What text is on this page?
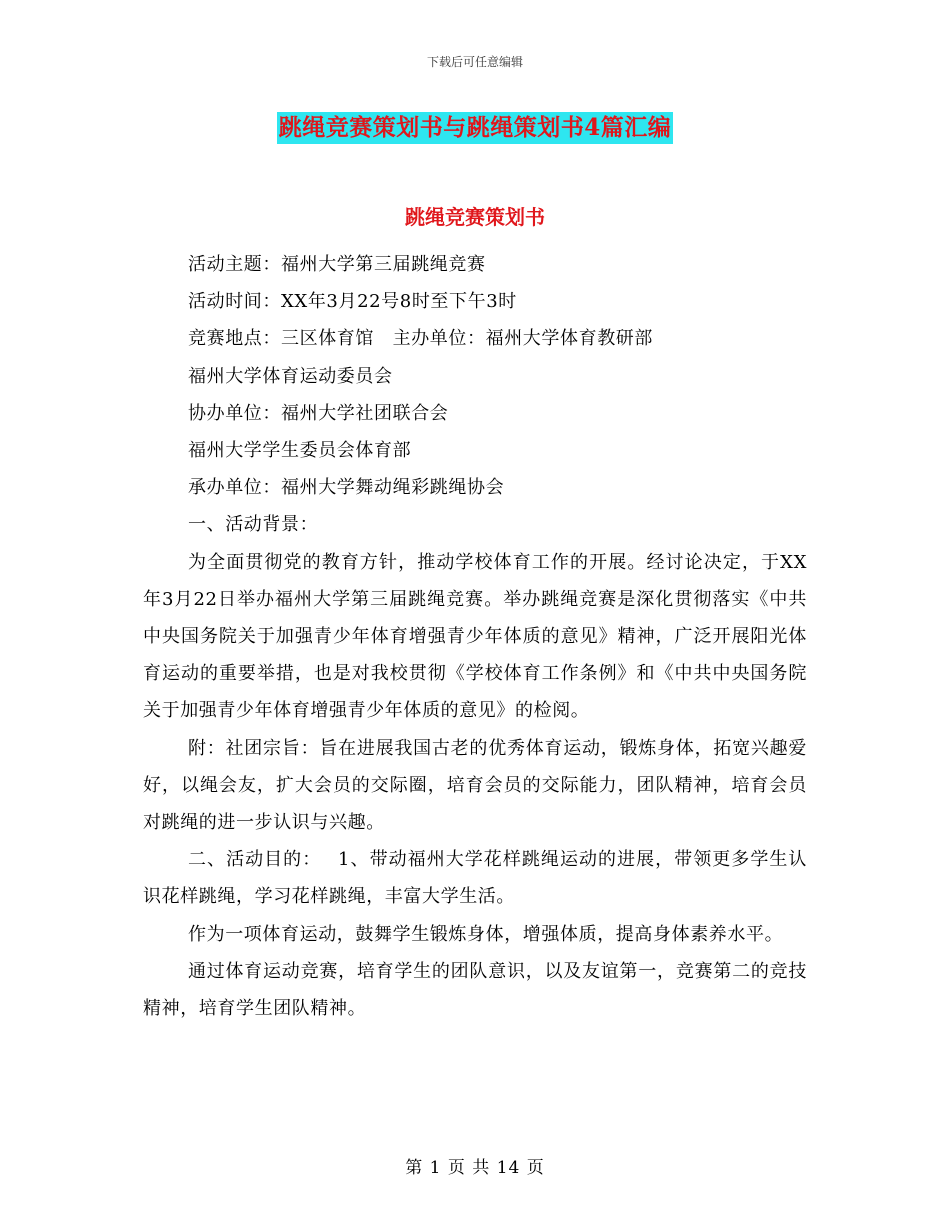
下载后可任意编辑
跳绳竞赛策划书与跳绳策划书4篇汇编
跳绳竞赛策划书

活动主题：福州大学第三届跳绳竞赛

活动时间：XX年3月22号8时至下午3时

竞赛地点：三区体育馆　主办单位：福州大学体育教研部

福州大学体育运动委员会

协办单位：福州大学社团联合会

福州大学学生委员会体育部

承办单位：福州大学舞动绳彩跳绳协会

一、活动背景：

为全面贯彻党的教育方针，推动学校体育工作的开展。经讨论决定，于XX年3月22日举办福州大学第三届跳绳竞赛。举办跳绳竞赛是深化贯彻落实《中共中央国务院关于加强青少年体育增强青少年体质的意见》精神，广泛开展阳光体育运动的重要举措，也是对我校贯彻《学校体育工作条例》和《中共中央国务院关于加强青少年体育增强青少年体质的意见》的检阅。

附：社团宗旨：旨在进展我国古老的优秀体育运动，锻炼身体，拓宽兴趣爱好，以绳会友，扩大会员的交际圈，培育会员的交际能力，团队精神，培育会员对跳绳的进一步认识与兴趣。

二、活动目的：　 1、带动福州大学花样跳绳运动的进展，带领更多学生认识花样跳绳，学习花样跳绳，丰富大学生活。

作为一项体育运动，鼓舞学生锻炼身体，增强体质，提高身体素养水平。

通过体育运动竞赛，培育学生的团队意识，以及友谊第一，竞赛第二的竞技精神，培育学生团队精神。

第 1 页 共 14 页
